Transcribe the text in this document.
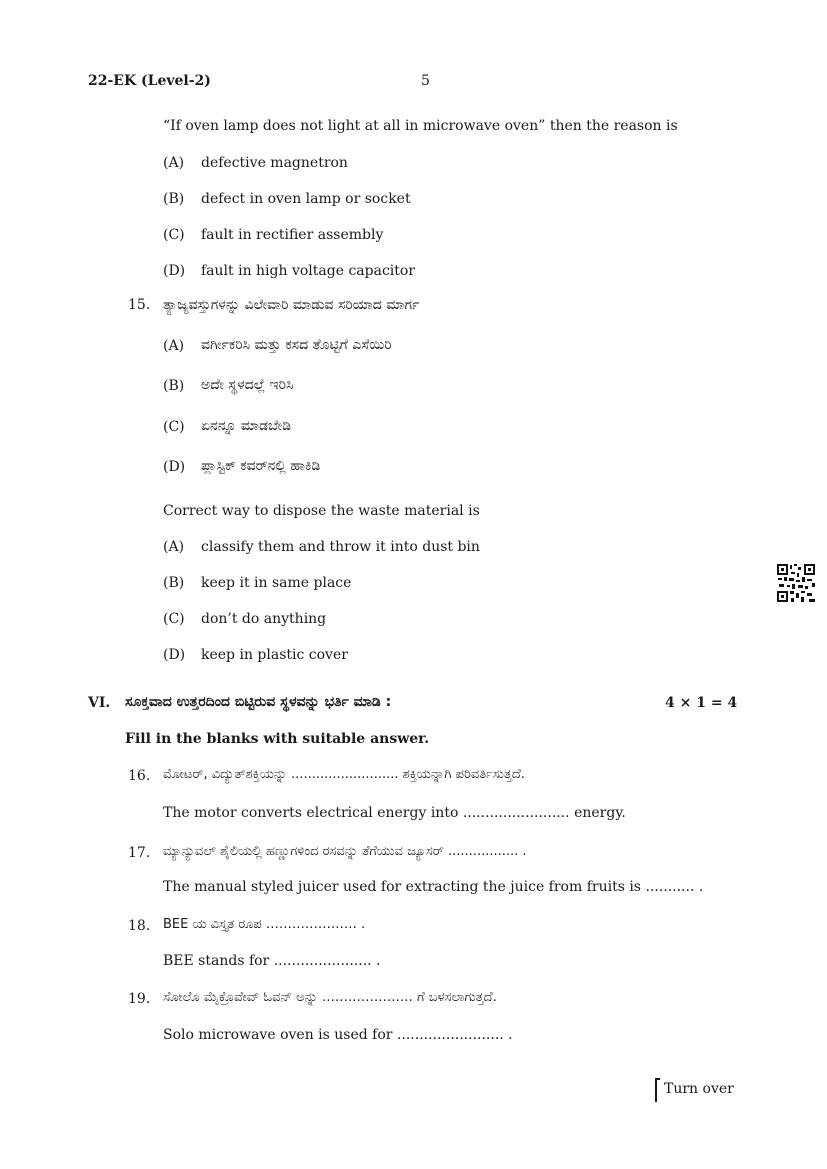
22-EK (Level-2)	5
“If oven lamp does not light at all in microwave oven” then the reason is
(A) defective magnetron
(B) defect in oven lamp or socket
(C) fault in rectifier assembly
(D) fault in high voltage capacitor
15. ತ್ಯಾಜ್ಯವಸ್ತುಗಳನ್ನು ವಿಲೇವಾರಿ ಮಾಡುವ ಸರಿಯಾದ ಮಾರ್ಗ
(A) ವರ್ಗೀಕರಿಸಿ ಮತ್ತು ಕಸದ ತೊಟ್ಟಿಗೆ ಎಸೆಯಿರಿ
(B) ಅದೇ ಸ್ಥಳದಲ್ಲೆ ಇರಿಸಿ
(C) ಏನನ್ನೂ ಮಾಡಬೇಡಿ
(D) ಪ್ಲಾಸ್ಟಿಕ್ ಕವರ್‌ನಲ್ಲಿ ಹಾಕಿಡಿ
Correct way to dispose the waste material is
(A) classify them and throw it into dust bin
(B) keep it in same place
(C) don’t do anything
(D) keep in plastic cover
VI. ಸೂಕ್ತವಾದ ಉತ್ತರದಿಂದ ಬಿಟ್ಟಿರುವ ಸ್ಥಳವನ್ನು ಭರ್ತಿ ಮಾಡಿ :	4 × 1 = 4
Fill in the blanks with suitable answer.
16. ಮೋಟರ್, ವಿದ್ಯುತ್‌ಶಕ್ತಿಯನ್ನು .......................... ಶಕ್ತಿಯನ್ನಾಗಿ ಪರಿವರ್ತಿಸುತ್ತದೆ.
The motor converts electrical energy into ........................ energy.
17. ಮ್ಯಾನ್ಯುವಲ್ ಶೈಲಿಯಲ್ಲಿ ಹಣ್ಣುಗಳಿಂದ ರಸವನ್ನು ತೆಗೆಯುವ ಜ್ಯೂಸರ್ ................. .
The manual styled juicer used for extracting the juice from fruits is ........... .
18. BEE ಯ ವಿಸ್ತೃತ ರೂಪ ………………… .
BEE stands for ...................... .
19. ಸೋಲೊ ಮೈಕ್ರೊವೇವ್ ಓವನ್ ಅನ್ನು ………………… ಗೆ ಬಳಸಲಾಗುತ್ತದೆ.
Solo microwave oven is used for ........................ .
Turn over
